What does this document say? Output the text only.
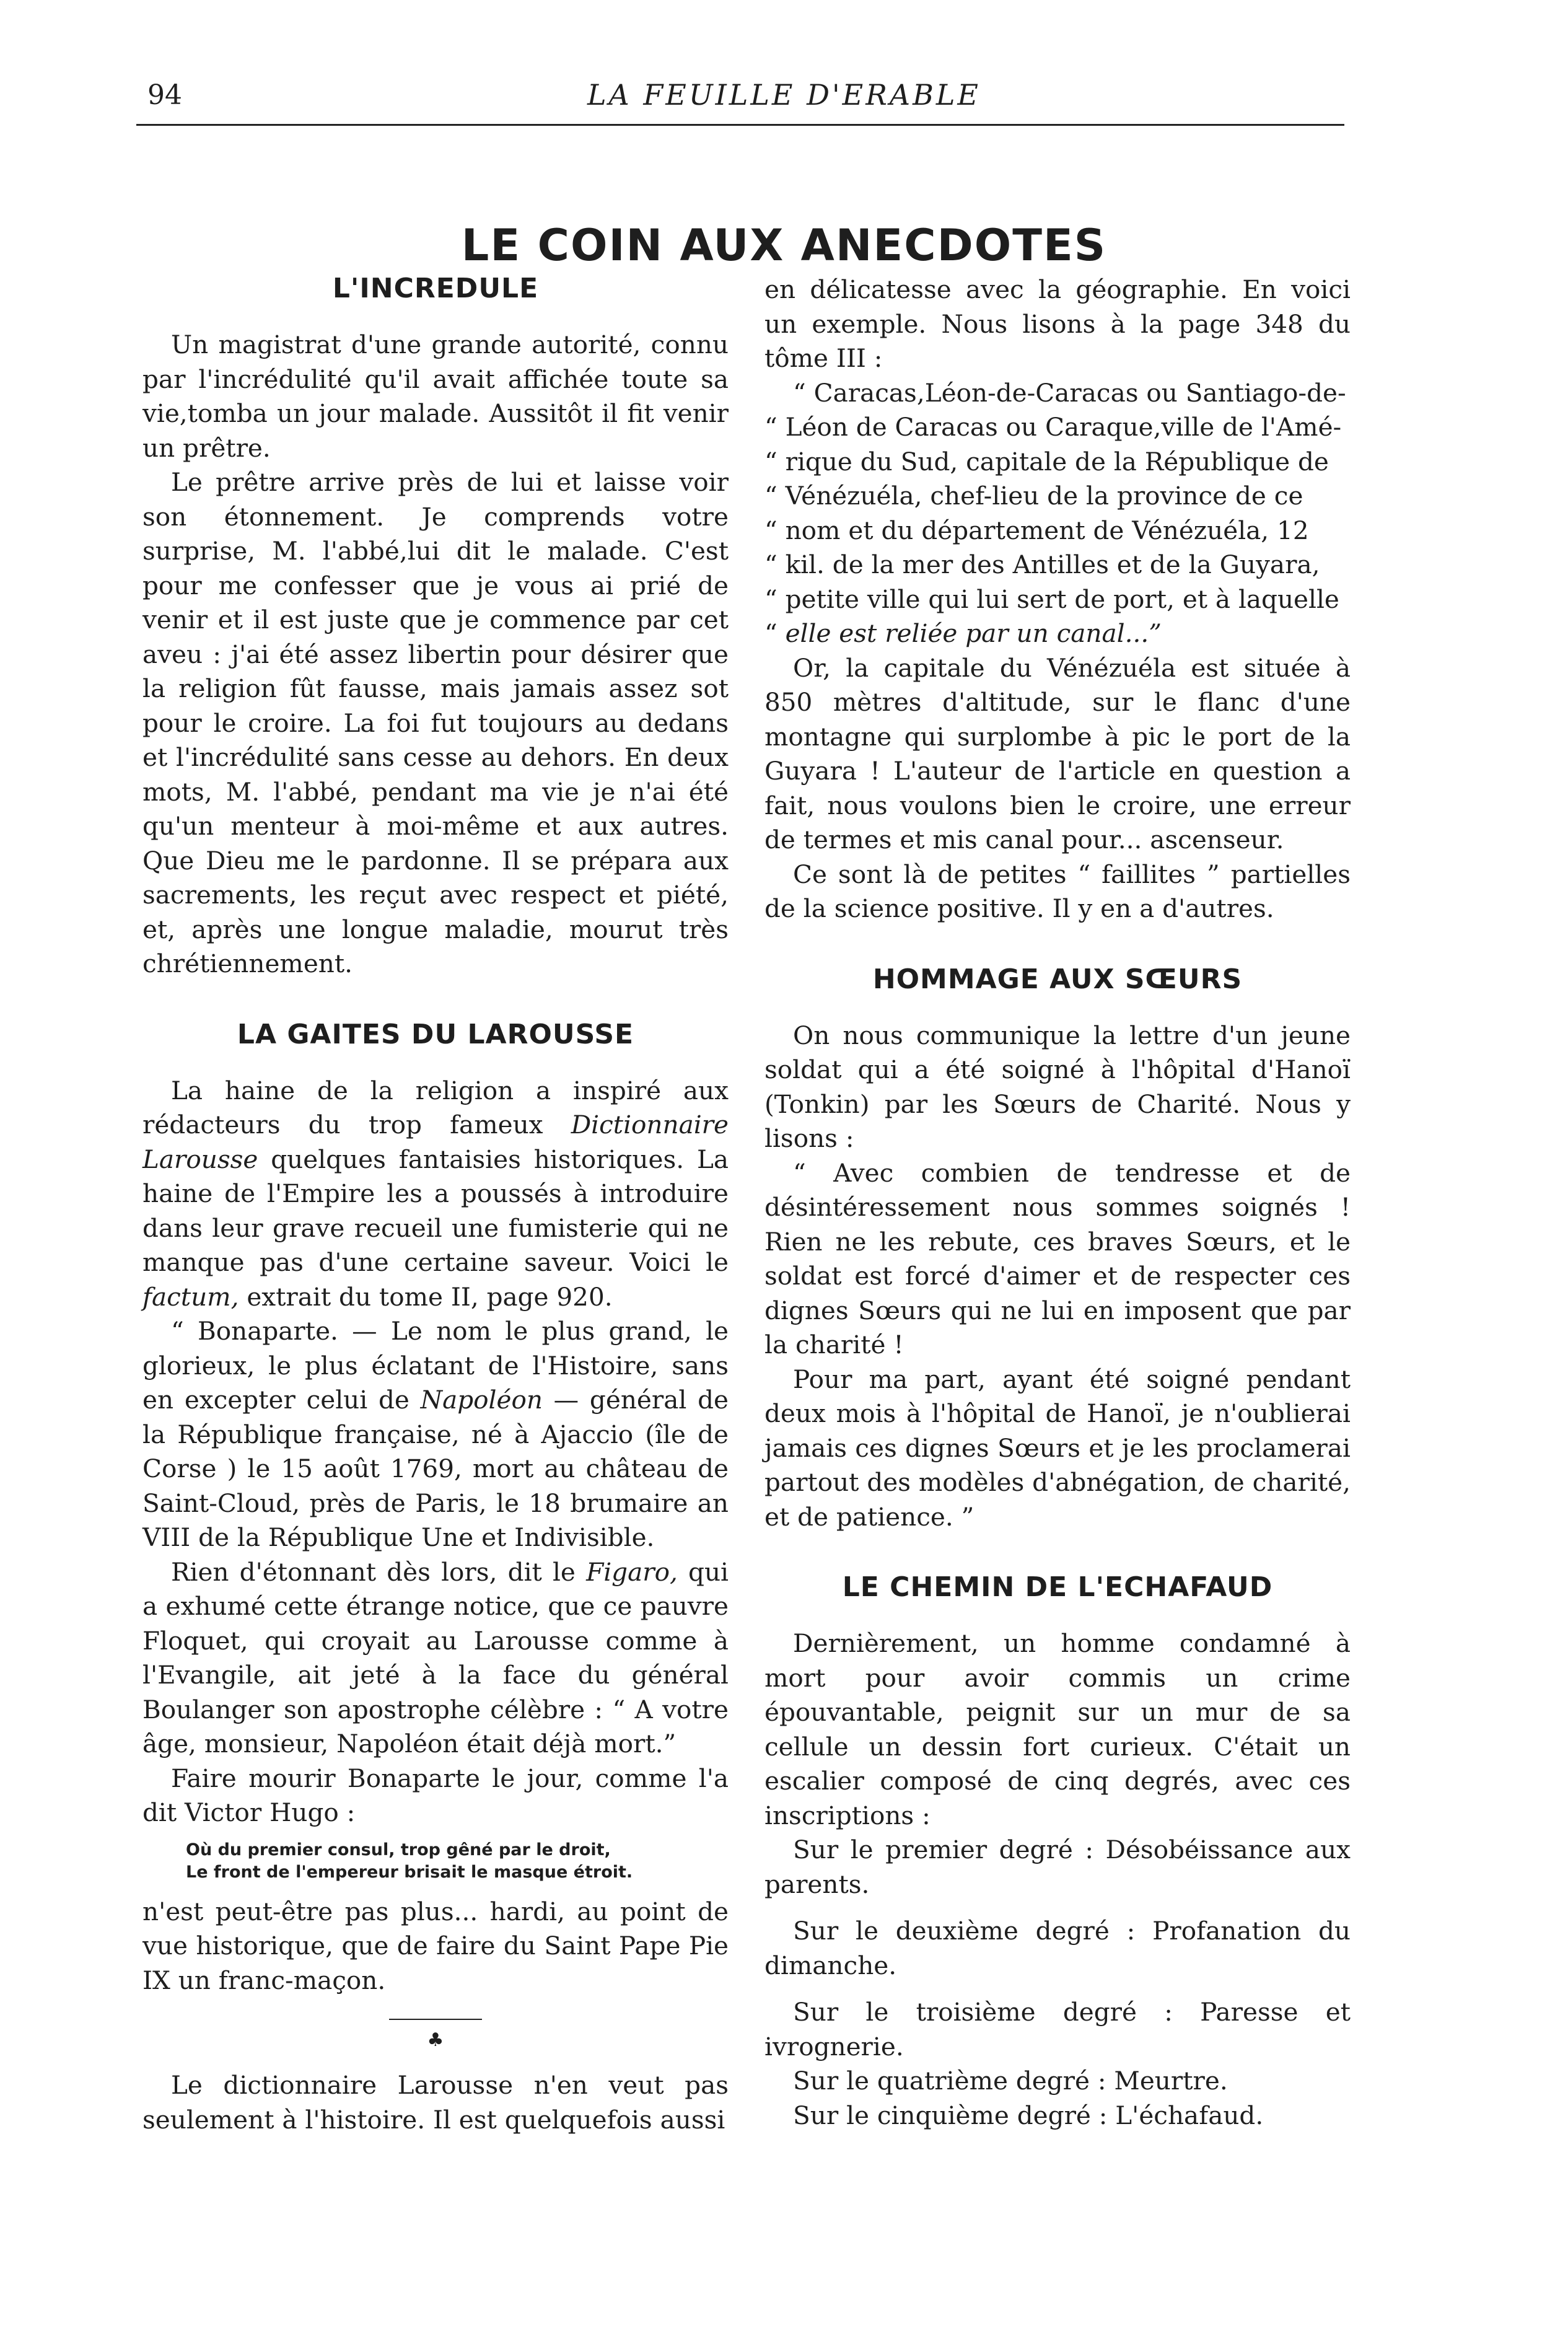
94	LA FEUILLE D'ERABLE
LE COIN AUX ANECDOTES
L'INCREDULE

Un magistrat d'une grande autorité, connu par l'incrédulité qu'il avait affichée toute sa vie,tomba un jour malade. Aussitôt il fit venir un prêtre.

Le prêtre arrive près de lui et laisse voir son étonnement. Je comprends votre surprise, M. l'abbé,lui dit le malade. C'est pour me confesser que je vous ai prié de venir et il est juste que je commence par cet aveu : j'ai été assez libertin pour désirer que la religion fût fausse, mais jamais assez sot pour le croire. La foi fut toujours au dedans et l'incrédulité sans cesse au dehors. En deux mots, M. l'abbé, pendant ma vie je n'ai été qu'un menteur à moi-même et aux autres. Que Dieu me le pardonne. Il se prépara aux sacrements, les reçut avec respect et piété, et, après une longue maladie, mourut très chrétiennement.

LA GAITES DU LAROUSSE

La haine de la religion a inspiré aux rédacteurs du trop fameux Dictionnaire Larousse quelques fantaisies historiques. La haine de l'Empire les a poussés à introduire dans leur grave recueil une fumisterie qui ne manque pas d'une certaine saveur. Voici le factum, extrait du tome II, page 920.

“ Bonaparte. — Le nom le plus grand, le glorieux, le plus éclatant de l'Histoire, sans en excepter celui de Napoléon — général de la République française, né à Ajaccio (île de Corse ) le 15 août 1769, mort au château de Saint-Cloud, près de Paris, le 18 brumaire an VIII de la République Une et Indivisible.

Rien d'étonnant dès lors, dit le Figaro, qui a exhumé cette étrange notice, que ce pauvre Floquet, qui croyait au Larousse comme à l'Evangile, ait jeté à la face du général Boulanger son apostrophe célèbre : “ A votre âge, monsieur, Napoléon était déjà mort.”

Faire mourir Bonaparte le jour, comme l'a dit Victor Hugo :

Où du premier consul, trop gêné par le droit,
Le front de l'empereur brisait le masque étroit.

n'est peut-être pas plus... hardi, au point de vue historique, que de faire du Saint Pape Pie IX un franc-maçon.

♣

Le dictionnaire Larousse n'en veut pas seulement à l'histoire. Il est quelquefois aussi

en délicatesse avec la géographie. En voici un exemple. Nous lisons à la page 348 du tôme III :

“ Caracas,Léon-de-Caracas ou Santiago-de-

“ Léon de Caracas ou Caraque,ville de l'Amé-

“ rique du Sud, capitale de la République de

“ Vénézuéla, chef-lieu de la province de ce

“ nom et du département de Vénézuéla, 12

“ kil. de la mer des Antilles et de la Guyara,

“ petite ville qui lui sert de port, et à laquelle

“ elle est reliée par un canal...”

Or, la capitale du Vénézuéla est située à 850 mètres d'altitude, sur le flanc d'une montagne qui surplombe à pic le port de la Guyara ! L'auteur de l'article en question a fait, nous voulons bien le croire, une erreur de termes et mis canal pour... ascenseur.

Ce sont là de petites “ faillites ” partielles de la science positive. Il y en a d'autres.

HOMMAGE AUX SŒURS

On nous communique la lettre d'un jeune soldat qui a été soigné à l'hôpital d'Hanoï (Tonkin) par les Sœurs de Charité. Nous y lisons :

“ Avec combien de tendresse et de désintéressement nous sommes soignés ! Rien ne les rebute, ces braves Sœurs, et le soldat est forcé d'aimer et de respecter ces dignes Sœurs qui ne lui en imposent que par la charité !

Pour ma part, ayant été soigné pendant deux mois à l'hôpital de Hanoï, je n'oublierai jamais ces dignes Sœurs et je les proclamerai partout des modèles d'abnégation, de charité, et de patience. ”

LE CHEMIN DE L'ECHAFAUD

Dernièrement, un homme condamné à mort pour avoir commis un crime épouvantable, peignit sur un mur de sa cellule un dessin fort curieux. C'était un escalier composé de cinq degrés, avec ces inscriptions :

Sur le premier degré : Désobéissance aux parents.

Sur le deuxième degré : Profanation du dimanche.

Sur le troisième degré : Paresse et ivrognerie.

Sur le quatrième degré : Meurtre.

Sur le cinquième degré : L'échafaud.
